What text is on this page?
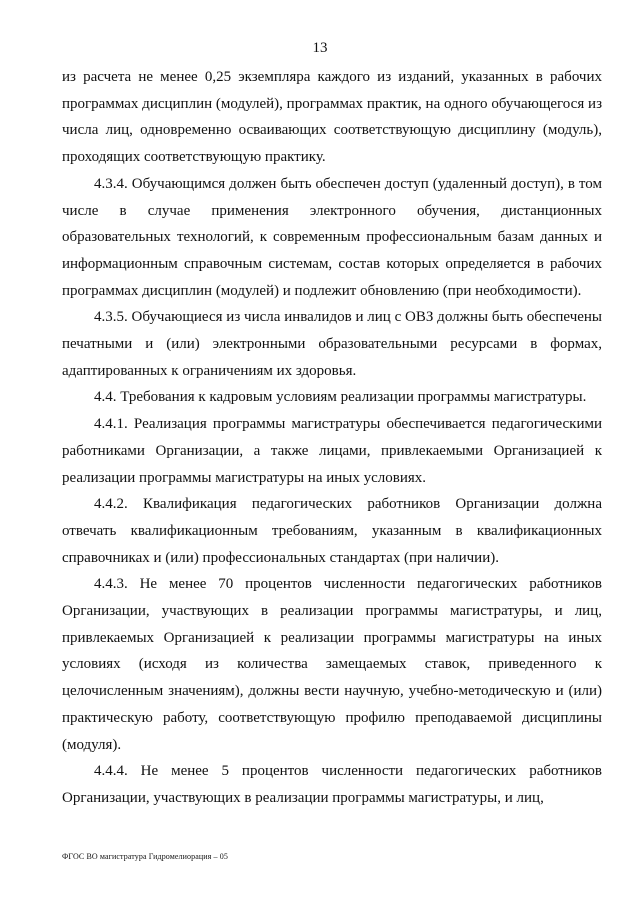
13

из расчета не менее 0,25 экземпляра каждого из изданий, указанных в рабочих программах дисциплин (модулей), программах практик, на одного обучающегося из числа лиц, одновременно осваивающих соответствующую дисциплину (модуль), проходящих соответствующую практику.

4.3.4. Обучающимся должен быть обеспечен доступ (удаленный доступ), в том числе в случае применения электронного обучения, дистанционных образовательных технологий, к современным профессиональным базам данных и информационным справочным системам, состав которых определяется в рабочих программах дисциплин (модулей) и подлежит обновлению (при необходимости).

4.3.5. Обучающиеся из числа инвалидов и лиц с ОВЗ должны быть обеспечены печатными и (или) электронными образовательными ресурсами в формах, адаптированных к ограничениям их здоровья.

4.4. Требования к кадровым условиям реализации программы магистратуры.

4.4.1. Реализация программы магистратуры обеспечивается педагогическими работниками Организации, а также лицами, привлекаемыми Организацией к реализации программы магистратуры на иных условиях.

4.4.2. Квалификация педагогических работников Организации должна отвечать квалификационным требованиям, указанным в квалификационных справочниках и (или) профессиональных стандартах (при наличии).

4.4.3. Не менее 70 процентов численности педагогических работников Организации, участвующих в реализации программы магистратуры, и лиц, привлекаемых Организацией к реализации программы магистратуры на иных условиях (исходя из количества замещаемых ставок, приведенного к целочисленным значениям), должны вести научную, учебно-методическую и (или) практическую работу, соответствующую профилю преподаваемой дисциплины (модуля).

4.4.4. Не менее 5 процентов численности педагогических работников Организации, участвующих в реализации программы магистратуры, и лиц,

ФГОС ВО магистратура Гидромелиорация – 05
